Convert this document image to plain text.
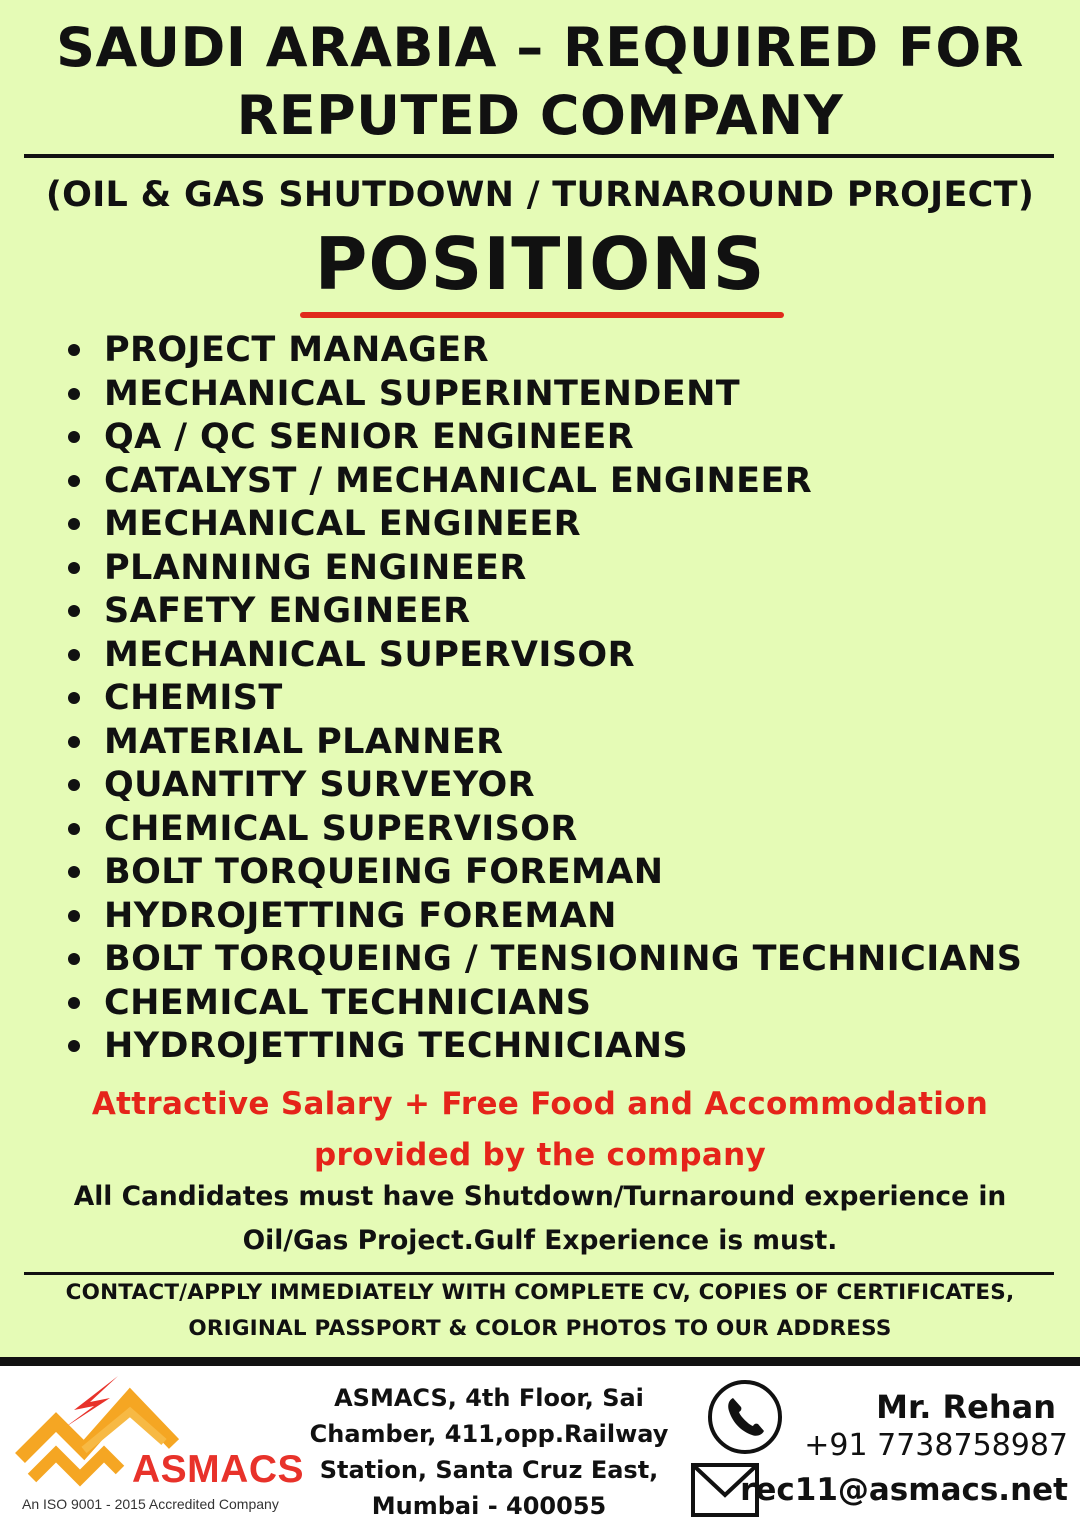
SAUDI ARABIA – REQUIRED FOR
REPUTED COMPANY
(OIL & GAS SHUTDOWN / TURNAROUND PROJECT)
POSITIONS
PROJECT MANAGER
MECHANICAL SUPERINTENDENT
QA / QC SENIOR ENGINEER
CATALYST / MECHANICAL ENGINEER
MECHANICAL ENGINEER
PLANNING ENGINEER
SAFETY ENGINEER
MECHANICAL SUPERVISOR
CHEMIST
MATERIAL PLANNER
QUANTITY SURVEYOR
CHEMICAL SUPERVISOR
BOLT TORQUEING FOREMAN
HYDROJETTING FOREMAN
BOLT TORQUEING / TENSIONING TECHNICIANS
CHEMICAL TECHNICIANS
HYDROJETTING TECHNICIANS
Attractive Salary + Free Food and Accommodation
provided by the company
All Candidates must have Shutdown/Turnaround experience in
Oil/Gas Project.Gulf Experience is must.
CONTACT/APPLY IMMEDIATELY WITH COMPLETE CV, COPIES OF CERTIFICATES,
ORIGINAL PASSPORT & COLOR PHOTOS TO OUR ADDRESS
ASMACS
An ISO 9001 - 2015 Accredited Company
ASMACS, 4th Floor, Sai
Chamber, 411,opp.Railway
Station, Santa Cruz East,
Mumbai - 400055
Mr. Rehan
+91 7738758987
rec11@asmacs.net
